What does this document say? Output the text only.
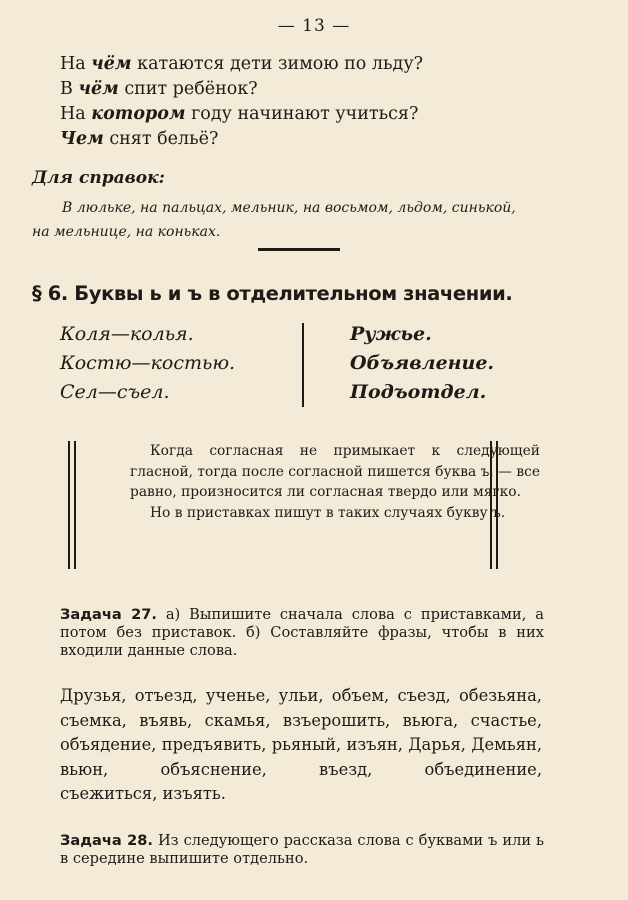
— 13 —
На чём катаются дети зимою по льду?
В чём спит ребёнок?
На котором году начинают учиться?
Чем снят бельё?
Для справок:
В люльке, на пальцах, мельник, на восьмом, льдом, синькой,
на мельнице, на коньках.
§ 6. Буквы ь и ъ в отделительном значении.
Коля—колья.
Костю—костью.
Сел—съел.
Ружье.
Объявление.
Подъотдел.
Когда согласная не примыкает к следующей гласной, тогда после согласной пишется буква ъ, — все равно, произносится ли согласная твердо или мягко.
Но в приставках пишут в таких случаях букву ъ.
Задача 27. а) Выпишите сначала слова с приставками, а потом без приставок. б) Составляйте фразы, чтобы в них входили данные слова.
Друзья, отъезд, ученье, ульи, объем, съезд, обезьяна, съемка, въявь, скамья, взъерошить, вьюга, счастье, объядение, предъявить, рьяный, изъян, Дарья, Демьян, вьюн, объяснение, въезд, объединение,
съежиться, изъять.
Задача 28. Из следующего рассказа слова с буквами ъ или ь в середине выпишите отдельно.
